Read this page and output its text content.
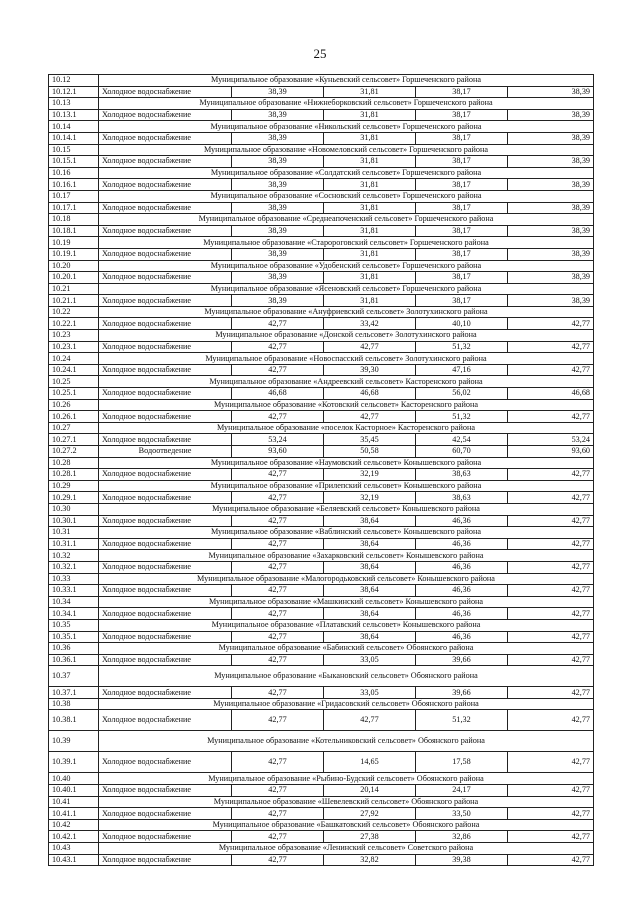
25
10.12	Муниципальное образование «Куньевский сельсовет» Горшеченского района				
10.12.1	Холодное водоснабжение	38,39	31,81	38,17	38,39
10.13	Муниципальное образование «Нижнеборковский сельсовет» Горшеченского района				
10.13.1	Холодное водоснабжение	38,39	31,81	38,17	38,39
10.14	Муниципальное образование «Никольский сельсовет» Горшеченского района				
10.14.1	Холодное водоснабжение	38,39	31,81	38,17	38,39
10.15	Муниципальное образование «Новомеловский сельсовет» Горшеченского района				
10.15.1	Холодное водоснабжение	38,39	31,81	38,17	38,39
10.16	Муниципальное образование «Солдатский сельсовет» Горшеченского района				
10.16.1	Холодное водоснабжение	38,39	31,81	38,17	38,39
10.17	Муниципальное образование «Сосновский сельсовет» Горшеченского района				
10.17.1	Холодное водоснабжение	38,39	31,81	38,17	38,39
10.18	Муниципальное образование «Среднеапоченский сельсовет» Горшеченского района				
10.18.1	Холодное водоснабжение	38,39	31,81	38,17	38,39
10.19	Муниципальное образование «Старороговский сельсовет» Горшеченского района				
10.19.1	Холодное водоснабжение	38,39	31,81	38,17	38,39
10.20	Муниципальное образование «Удобенский сельсовет» Горшеченского района				
10.20.1	Холодное водоснабжение	38,39	31,81	38,17	38,39
10.21	Муниципальное образование «Ясеновский сельсовет» Горшеченского района				
10.21.1	Холодное водоснабжение	38,39	31,81	38,17	38,39
10.22	Муниципальное образование «Ануфриевский сельсовет» Золотухинского района				
10.22.1	Холодное водоснабжение	42,77	33,42	40,10	42,77
10.23	Муниципальное образование «Донской сельсовет» Золотухинского района				
10.23.1	Холодное водоснабжение	42,77	42,77	51,32	42,77
10.24	Муниципальное образование «Новоспасский сельсовет» Золотухинского района				
10.24.1	Холодное водоснабжение	42,77	39,30	47,16	42,77
10.25	Муниципальное образование «Андреевский сельсовет» Касторенского района				
10.25.1	Холодное водоснабжение	46,68	46,68	56,02	46,68
10.26	Муниципальное образование «Котовский сельсовет» Касторенского района				
10.26.1	Холодное водоснабжение	42,77	42,77	51,32	42,77
10.27	Муниципальное образование «поселок Касторное» Касторенского района				
10.27.1	Холодное водоснабжение	53,24	35,45	42,54	53,24
10.27.2	Водоотведение	93,60	50,58	60,70	93,60
10.28	Муниципальное образование «Наумовский сельсовет» Конышевского района				
10.28.1	Холодное водоснабжение	42,77	32,19	38,63	42,77
10.29	Муниципальное образование «Прилепский сельсовет» Конышевского района				
10.29.1	Холодное водоснабжение	42,77	32,19	38,63	42,77
10.30	Муниципальное образование «Беляевский сельсовет» Конышевского района				
10.30.1	Холодное водоснабжение	42,77	38,64	46,36	42,77
10.31	Муниципальное образование «Ваблинский сельсовет» Конышевского района				
10.31.1	Холодное водоснабжение	42,77	38,64	46,36	42,77
10.32	Муниципальное образование «Захарковский сельсовет» Конышевского района				
10.32.1	Холодное водоснабжение	42,77	38,64	46,36	42,77
10.33	Муниципальное образование «Малогородьковский сельсовет» Конышевского района				
10.33.1	Холодное водоснабжение	42,77	38,64	46,36	42,77
10.34	Муниципальное образование «Машкинский сельсовет» Конышевского района				
10.34.1	Холодное водоснабжение	42,77	38,64	46,36	42,77
10.35	Муниципальное образование «Платавский сельсовет» Конышевского района				
10.35.1	Холодное водоснабжение	42,77	38,64	46,36	42,77
10.36	Муниципальное образование «Бабинский сельсовет» Обоянского района				
10.36.1	Холодное водоснабжение	42,77	33,05	39,66	42,77
10.37	Муниципальное образование «Быкановский сельсовет» Обоянского района				
10.37.1	Холодное водоснабжение	42,77	33,05	39,66	42,77
10.38	Муниципальное образование «Гридасовский сельсовет» Обоянского района				
10.38.1	Холодное водоснабжение	42,77	42,77	51,32	42,77
10.39	Муниципальное образование «Котельниковский сельсовет» Обоянского района				
10.39.1	Холодное водоснабжение	42,77	14,65	17,58	42,77
10.40	Муниципальное образование «Рыбино-Будский сельсовет» Обоянского района				
10.40.1	Холодное водоснабжение	42,77	20,14	24,17	42,77
10.41	Муниципальное образование «Шевелевский сельсовет» Обоянского района				
10.41.1	Холодное водоснабжение	42,77	27,92	33,50	42,77
10.42	Муниципальное образование «Башкатовский сельсовет» Обоянского района				
10.42.1	Холодное водоснабжение	42,77	27,38	32,86	42,77
10.43	Муниципальное образование «Ленинский сельсовет» Советского района				
10.43.1	Холодное водоснабжение	42,77	32,82	39,38	42,77
